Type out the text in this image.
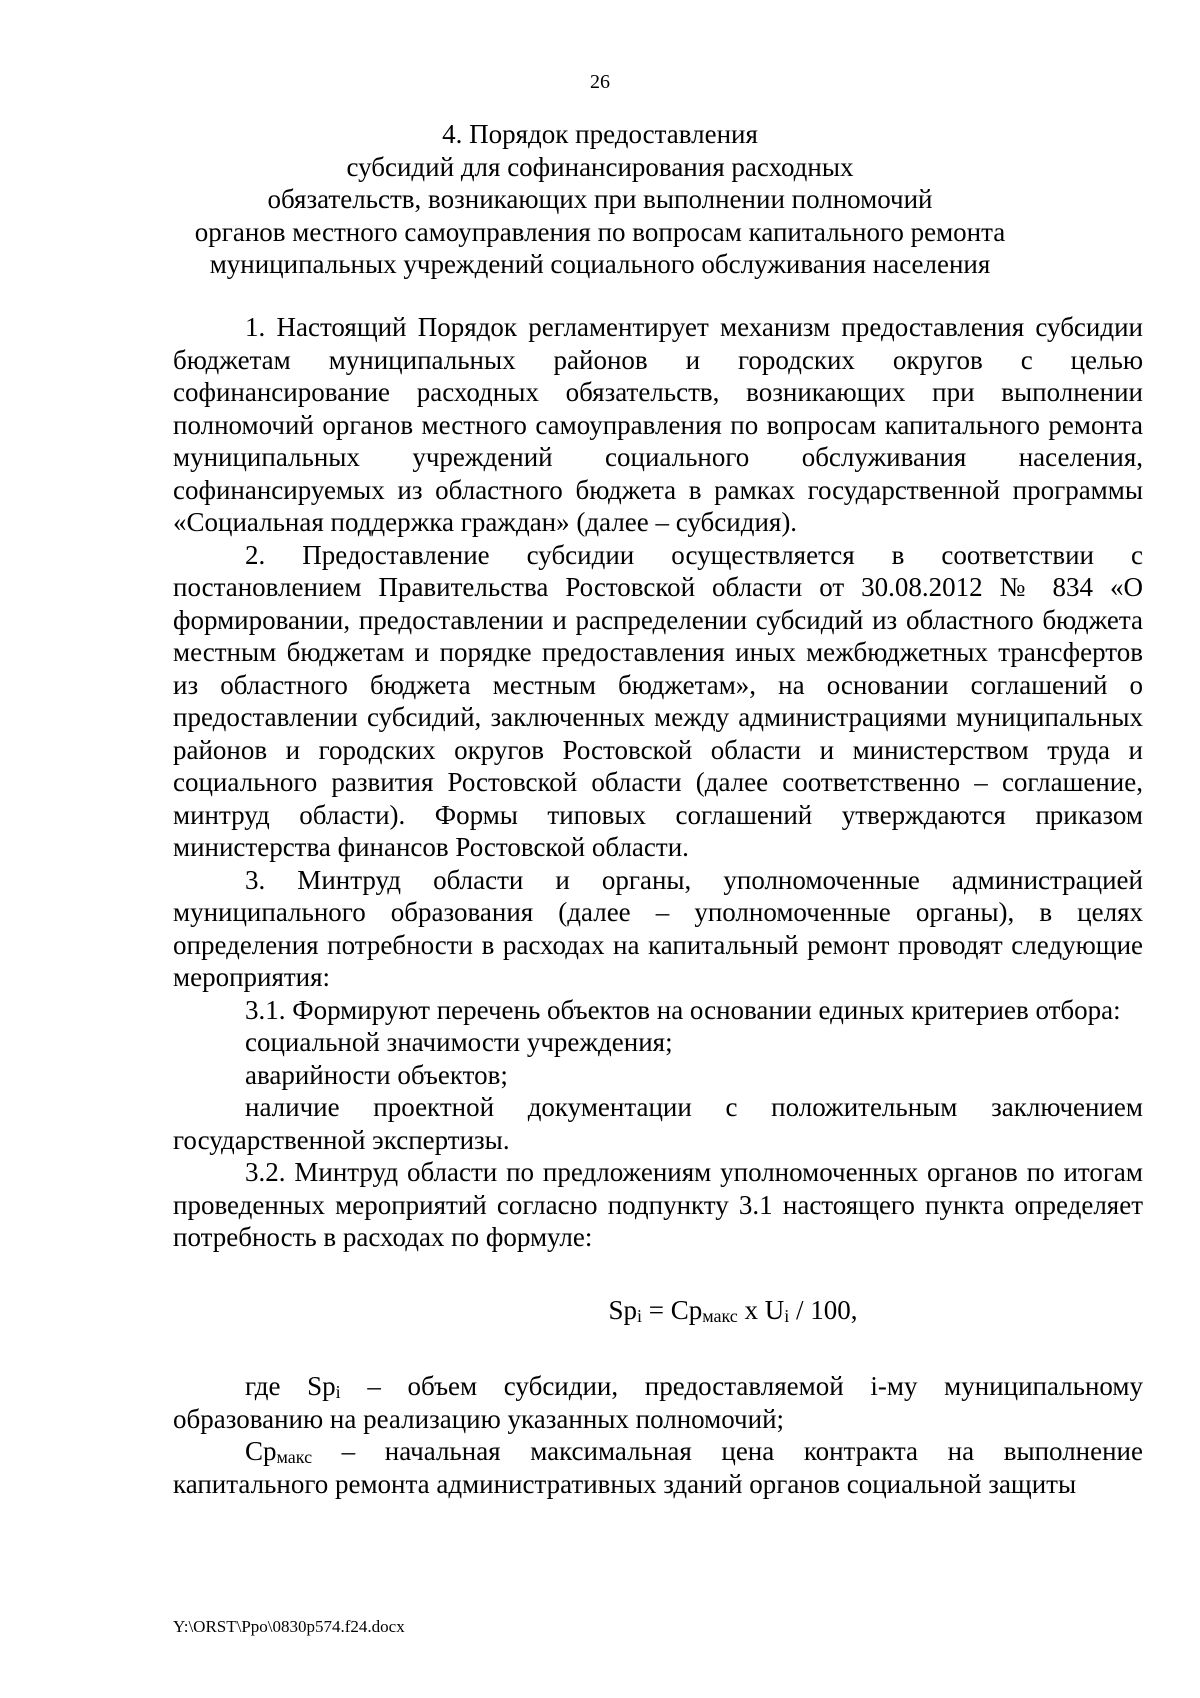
26
4. Порядок предоставления
субсидий для софинансирования расходных
обязательств, возникающих при выполнении полномочий
органов местного самоуправления по вопросам капитального ремонта
муниципальных учреждений социального обслуживания населения

1. Настоящий Порядок регламентирует механизм предоставления субсидии бюджетам муниципальных районов и городских округов с целью софинансирование расходных обязательств, возникающих при выполнении полномочий органов местного самоуправления по вопросам капитального ремонта муниципальных учреждений социального обслуживания населения, софинансируемых из областного бюджета в рамках государственной программы «Социальная поддержка граждан» (далее – субсидия).

2. Предоставление субсидии осуществляется в соответствии с постановлением Правительства Ростовской области от 30.08.2012 № 834 «О формировании, предоставлении и распределении субсидий из областного бюджета местным бюджетам и порядке предоставления иных межбюджетных трансфертов из областного бюджета местным бюджетам», на основании соглашений о предоставлении субсидий, заключенных между администрациями муниципальных районов и городских округов Ростовской области и министерством труда и социального развития Ростовской области (далее соответственно – соглашение, минтруд области). Формы типовых соглашений утверждаются приказом министерства финансов Ростовской области.

3. Минтруд области и органы, уполномоченные администрацией муниципального образования (далее – уполномоченные органы), в целях определения потребности в расходах на капитальный ремонт проводят следующие мероприятия:

3.1. Формируют перечень объектов на основании единых критериев отбора:

социальной значимости учреждения;

аварийности объектов;

наличие проектной документации с положительным заключением государственной экспертизы.

3.2. Минтруд области по предложениям уполномоченных органов по итогам проведенных мероприятий согласно подпункту 3.1 настоящего пункта определяет потребность в расходах по формуле:

$Sp_i = Cp_{макс}$ x $U_i / 100$,

где $Sp_i$ – объем субсидии, предоставляемой i-му муниципальному образованию на реализацию указанных полномочий;

$Cp_{макс}$ – начальная максимальная цена контракта на выполнение капитального ремонта административных зданий органов социальной защиты

Y:\ORST\Ppo\0830p574.f24.docx
